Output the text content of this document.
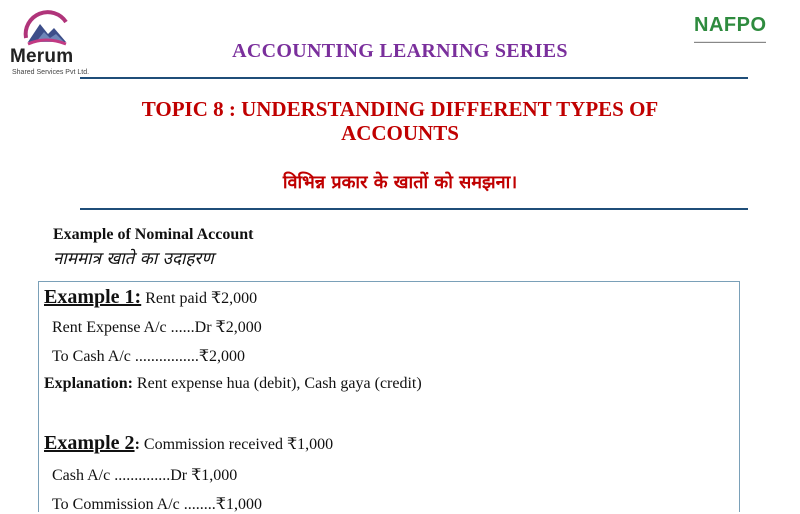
Merum
Shared Services Pvt Ltd.
NAFPO
▬▬▬▬▬▬▬▬▬▬▬▬▬▬▬▬▬▬
ACCOUNTING LEARNING SERIES
TOPIC 8 : UNDERSTANDING DIFFERENT TYPES OF
ACCOUNTS
विभिन्न प्रकार के खातों को समझना।
Example of Nominal Account
नाममात्र खाते का उदाहरण
Example 1: Rent paid ₹2,000
Rent Expense A/c ......Dr ₹2,000
To Cash A/c ................₹2,000
Explanation: Rent expense hua (debit), Cash gaya (credit)
Example 2: Commission received ₹1,000
Cash A/c ..............Dr ₹1,000
To Commission A/c ........₹1,000
